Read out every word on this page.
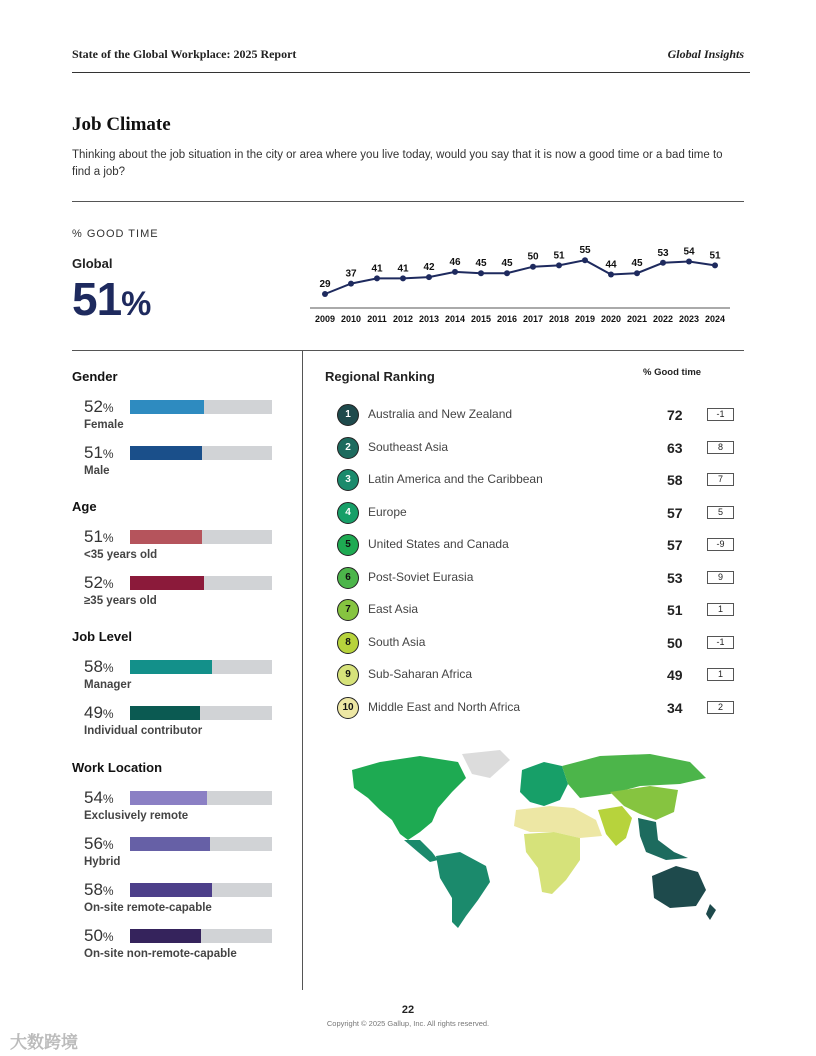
State of the Global Workplace: 2025 Report	Global Insights
Job Climate
Thinking about the job situation in the city or area where you live today, would you say that it is now a good time or a bad time to find a job?
% GOOD TIME
Global
51%
29
2009
37
2010
41
2011
41
2012
42
2013
46
2014
45
2015
45
2016
50
2017
51
2018
55
2019
44
2020
45
2021
53
2022
54
2023
51
2024
Gender
52%
Female
51%
Male
Age
51%
<35 years old
52%
≥35 years old
Job Level
58%
Manager
49%
Individual contributor
Work Location
54%
Exclusively remote
56%
Hybrid
58%
On-site remote-capable
50%
On-site non-remote-capable
Regional Ranking	% Good time
1	Australia and New Zealand	72	-1
2	Southeast Asia	63	8
3	Latin America and the Caribbean	58	7
4	Europe	57	5
5	United States and Canada	57	-9
6	Post-Soviet Eurasia	53	9
7	East Asia	51	1
8	South Asia	50	-1
9	Sub-Saharan Africa	49	1
10	Middle East and North Africa	34	2
22
Copyright © 2025 Gallup, Inc. All rights reserved.
大数跨境
